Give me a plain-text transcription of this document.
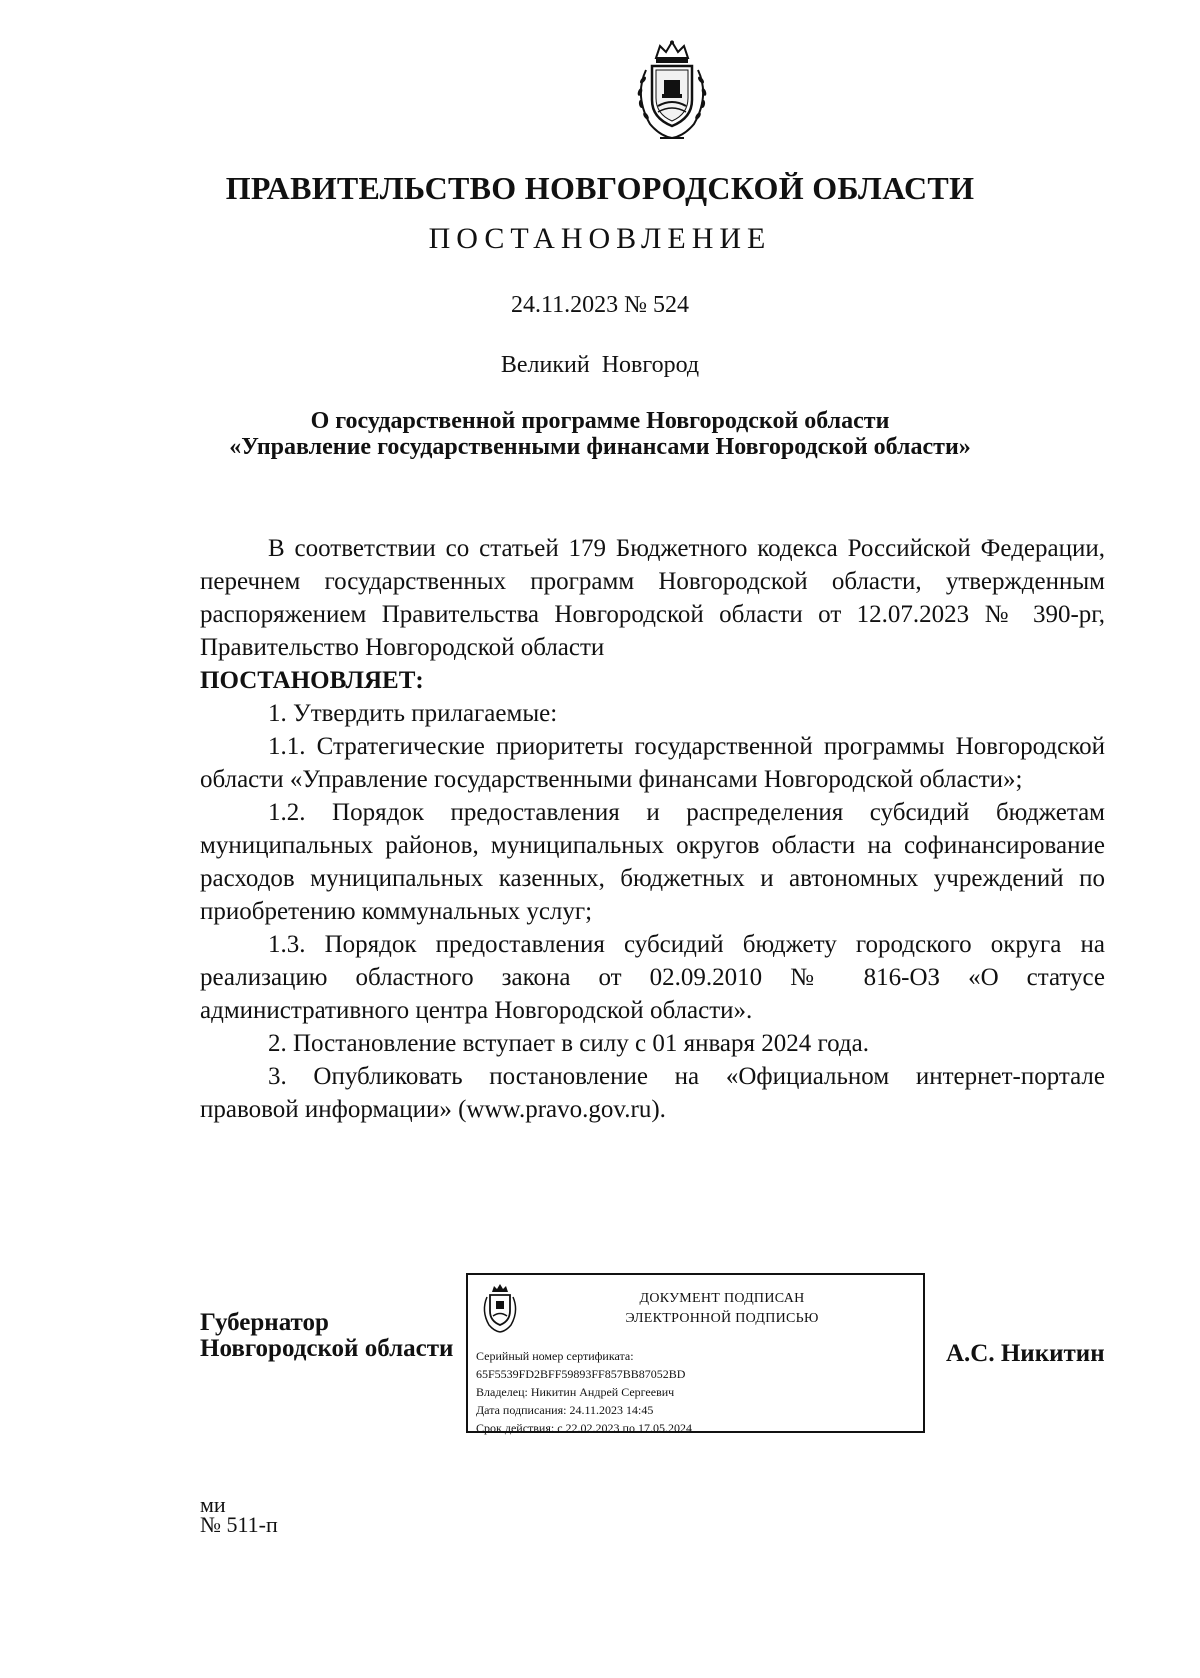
ПРАВИТЕЛЬСТВО НОВГОРОДСКОЙ ОБЛАСТИ
ПОСТАНОВЛЕНИЕ
24.11.2023 № 524
Великий Новгород
О государственной программе Новгородской области
«Управление государственными финансами Новгородской области»

В соответствии со статьей 179 Бюджетного кодекса Российской Федерации, перечнем государственных программ Новгородской области, утвержденным распоряжением Правительства Новгородской области от 12.07.2023 № 390-рг, Правительство Новгородской области

ПОСТАНОВЛЯЕТ:

1. Утвердить прилагаемые:

1.1. Стратегические приоритеты государственной программы Новгородской области «Управление государственными финансами Новгородской области»;

1.2. Порядок предоставления и распределения субсидий бюджетам муниципальных районов, муниципальных округов области на софинансирование расходов муниципальных казенных, бюджетных и автономных учреждений по приобретению коммунальных услуг;

1.3. Порядок предоставления субсидий бюджету городского округа на реализацию областного закона от 02.09.2010 № 816-ОЗ «О статусе административного центра Новгородской области».

2. Постановление вступает в силу с 01 января 2024 года.

3. Опубликовать постановление на «Официальном интернет-портале правовой информации» (www.pravo.gov.ru).

Губернатор
Новгородской области
ДОКУМЕНТ ПОДПИСАН
ЭЛЕКТРОННОЙ ПОДПИСЬЮ
Серийный номер сертификата:
65F5539FD2BFF59893FF857BB87052BD
Владелец: Никитин Андрей Сергеевич
Дата подписания: 24.11.2023 14:45
Срок действия: с 22.02.2023 по 17.05.2024
А.С. Никитин
ми
№ 511-п
